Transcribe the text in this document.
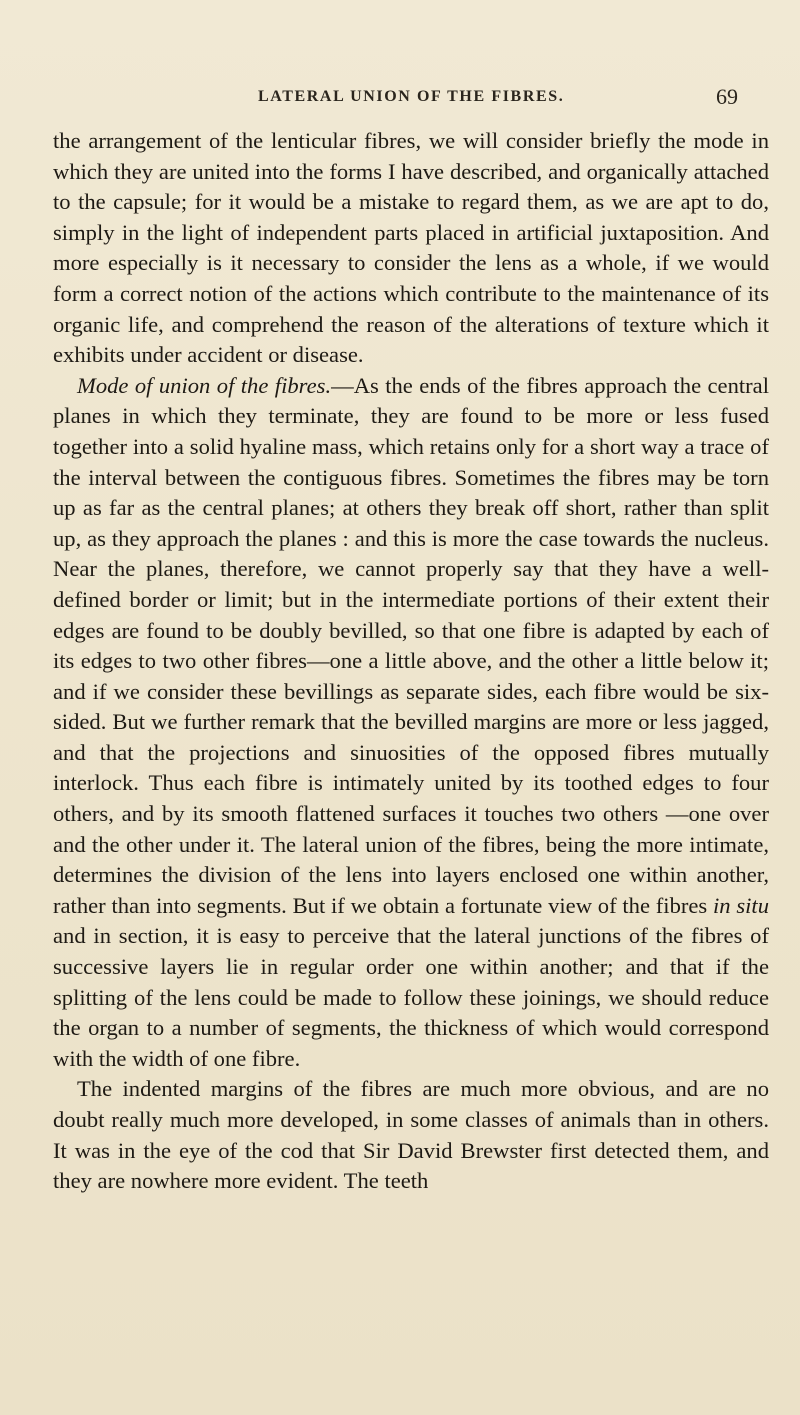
LATERAL UNION OF THE FIBRES.	69

the arrangement of the lenticular fibres, we will consider briefly the mode in which they are united into the forms I have described, and organically attached to the capsule; for it would be a mistake to regard them, as we are apt to do, simply in the light of independent parts placed in artificial juxtaposition. And more especially is it necessary to consider the lens as a whole, if we would form a correct notion of the actions which contribute to the maintenance of its organic life, and comprehend the reason of the alterations of texture which it exhibits under accident or disease.

Mode of union of the fibres.—As the ends of the fibres approach the central planes in which they terminate, they are found to be more or less fused together into a solid hyaline mass, which retains only for a short way a trace of the interval between the contiguous fibres. Sometimes the fibres may be torn up as far as the central planes; at others they break off short, rather than split up, as they approach the planes : and this is more the case towards the nucleus. Near the planes, therefore, we cannot properly say that they have a well-defined border or limit; but in the intermediate portions of their extent their edges are found to be doubly bevilled, so that one fibre is adapted by each of its edges to two other fibres—one a little above, and the other a little below it; and if we consider these bevillings as separate sides, each fibre would be six-sided. But we further remark that the bevilled margins are more or less jagged, and that the projections and sinuosities of the opposed fibres mutually interlock. Thus each fibre is intimately united by its toothed edges to four others, and by its smooth flattened surfaces it touches two others —one over and the other under it. The lateral union of the fibres, being the more intimate, determines the division of the lens into layers enclosed one within another, rather than into segments. But if we obtain a fortunate view of the fibres in situ and in section, it is easy to perceive that the lateral junctions of the fibres of successive layers lie in regular order one within another; and that if the splitting of the lens could be made to follow these joinings, we should reduce the organ to a number of segments, the thickness of which would correspond with the width of one fibre.

The indented margins of the fibres are much more obvious, and are no doubt really much more developed, in some classes of animals than in others. It was in the eye of the cod that Sir David Brewster first detected them, and they are nowhere more evident. The teeth
